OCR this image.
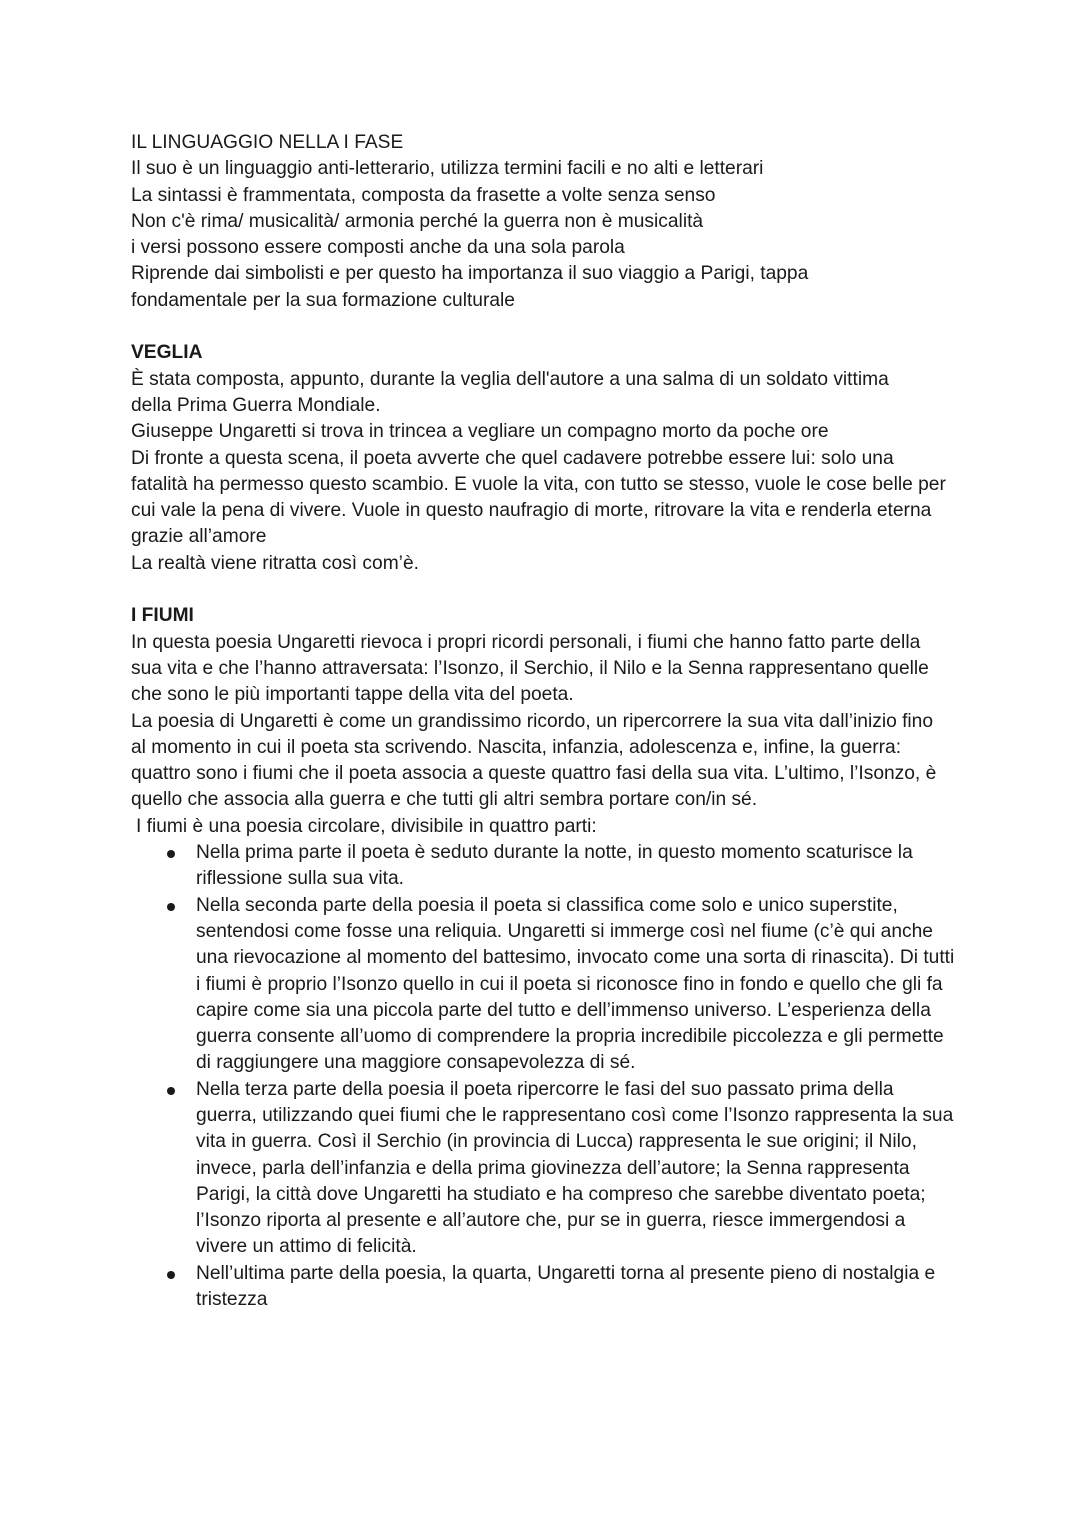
IL LINGUAGGIO NELLA I FASE

Il suo è un linguaggio anti-letterario, utilizza termini facili e no alti e letterari

La sintassi è frammentata, composta da frasette a volte senza senso

Non c'è rima/ musicalità/ armonia perché la guerra non è musicalità

i versi possono essere composti anche da una sola parola

Riprende dai simbolisti e per questo ha importanza il suo viaggio a Parigi, tappa fondamentale per la sua formazione culturale

VEGLIA

È stata composta, appunto, durante la veglia dell'autore a una salma di un soldato vittima della Prima Guerra Mondiale.

Giuseppe Ungaretti si trova in trincea a vegliare un compagno morto da poche ore

Di fronte a questa scena, il poeta avverte che quel cadavere potrebbe essere lui: solo una fatalità ha permesso questo scambio. E vuole la vita, con tutto se stesso, vuole le cose belle per cui vale la pena di vivere. Vuole in questo naufragio di morte, ritrovare la vita e renderla eterna grazie all’amore

La realtà viene ritratta così com’è.

I FIUMI

In questa poesia Ungaretti rievoca i propri ricordi personali, i fiumi che hanno fatto parte della sua vita e che l’hanno attraversata: l’Isonzo, il Serchio, il Nilo e la Senna rappresentano quelle che sono le più importanti tappe della vita del poeta.

La poesia di Ungaretti è come un grandissimo ricordo, un ripercorrere la sua vita dall’inizio fino al momento in cui il poeta sta scrivendo. Nascita, infanzia, adolescenza e, infine, la guerra: quattro sono i fiumi che il poeta associa a queste quattro fasi della sua vita. L’ultimo, l’Isonzo, è quello che associa alla guerra e che tutti gli altri sembra portare con/in sé.

I fiumi è una poesia circolare, divisibile in quattro parti:

Nella prima parte il poeta è seduto durante la notte, in questo momento scaturisce la riflessione sulla sua vita.
Nella seconda parte della poesia il poeta si classifica come solo e unico superstite, sentendosi come fosse una reliquia. Ungaretti si immerge così nel fiume (c’è qui anche una rievocazione al momento del battesimo, invocato come una sorta di rinascita). Di tutti i fiumi è proprio l’Isonzo quello in cui il poeta si riconosce fino in fondo e quello che gli fa capire come sia una piccola parte del tutto e dell’immenso universo. L’esperienza della guerra consente all’uomo di comprendere la propria incredibile piccolezza e gli permette di raggiungere una maggiore consapevolezza di sé.
Nella terza parte della poesia il poeta ripercorre le fasi del suo passato prima della guerra, utilizzando quei fiumi che le rappresentano così come l’Isonzo rappresenta la sua vita in guerra. Così il Serchio (in provincia di Lucca) rappresenta le sue origini; il Nilo, invece, parla dell’infanzia e della prima giovinezza dell’autore; la Senna rappresenta Parigi, la città dove Ungaretti ha studiato e ha compreso che sarebbe diventato poeta; l’Isonzo riporta al presente e all’autore che, pur se in guerra, riesce immergendosi a vivere un attimo di felicità.
Nell’ultima parte della poesia, la quarta, Ungaretti torna al presente pieno di nostalgia e tristezza
